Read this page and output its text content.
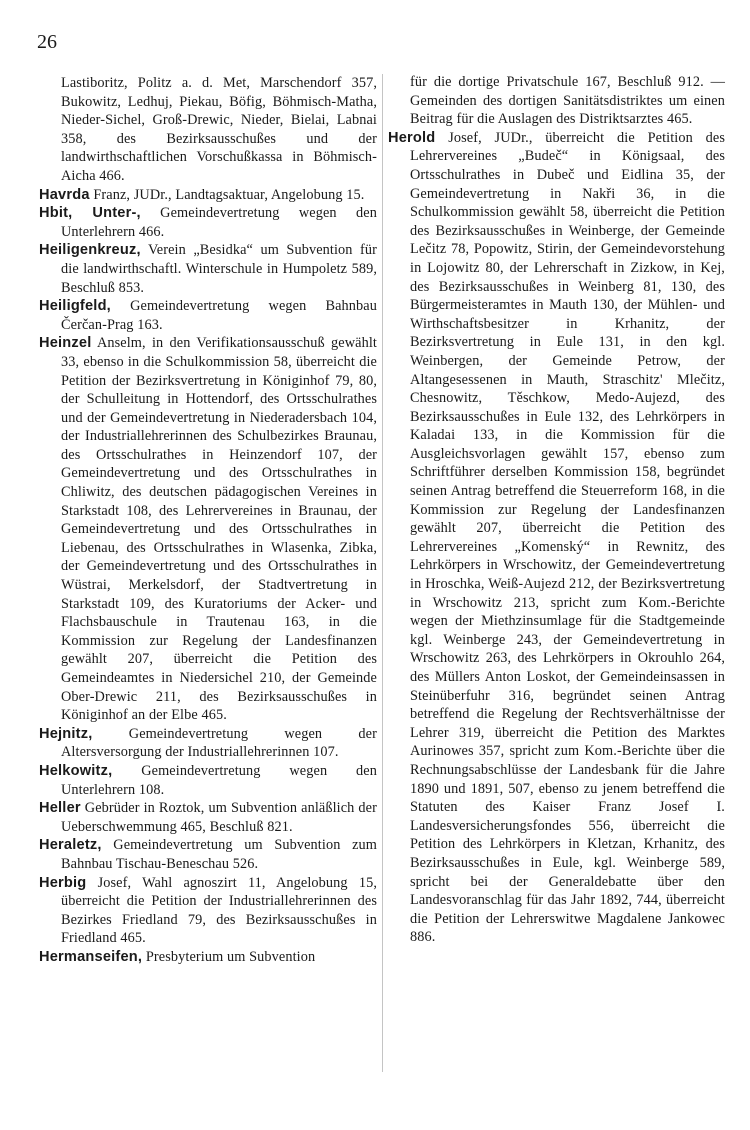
26

Lastiboritz, Politz a. d. Met, Marschendorf 357, Bukowitz, Ledhuj, Piekau, Böfig, Böhmisch-Matha, Nieder-Sichel, Groß-Drewic, Nieder, Bielai, Labnai 358, des Bezirksausschußes und der landwirthschaftlichen Vorschußkassa in Böhmisch-Aicha 466.

Havrda Franz, JUDr., Landtagsaktuar, Angelobung 15.

Hbit, Unter-, Gemeindevertretung wegen den Unterlehrern 466.

Heiligenkreuz, Verein „Besidka“ um Subvention für die landwirthschaftl. Winterschule in Humpoletz 589, Beschluß 853.

Heiligfeld, Gemeindevertretung wegen Bahnbau Čerčan-Prag 163.

Heinzel Anselm, in den Verifikationsausschuß gewählt 33, ebenso in die Schulkommission 58, überreicht die Petition der Bezirksvertretung in Königinhof 79, 80, der Schulleitung in Hottendorf, des Ortsschulrathes und der Gemeindevertretung in Niederadersbach 104, der Industriallehrerinnen des Schulbezirkes Braunau, des Ortsschulrathes in Heinzendorf 107, der Gemeindevertretung und des Ortsschulrathes in Chliwitz, des deutschen pädagogischen Vereines in Starkstadt 108, des Lehrervereines in Braunau, der Gemeindevertretung und des Ortsschulrathes in Liebenau, des Ortsschulrathes in Wlasenka, Zibka, der Gemeindevertretung und des Ortsschulrathes in Wüstrai, Merkelsdorf, der Stadtvertretung in Starkstadt 109, des Kuratoriums der Acker- und Flachsbauschule in Trautenau 163, in die Kommission zur Regelung der Landesfinanzen gewählt 207, überreicht die Petition des Gemeindeamtes in Niedersichel 210, der Gemeinde Ober-Drewic 211, des Bezirksausschußes in Königinhof an der Elbe 465.

Hejnitz, Gemeindevertretung wegen der Altersversorgung der Industriallehrerinnen 107.

Helkowitz, Gemeindevertretung wegen den Unterlehrern 108.

Heller Gebrüder in Roztok, um Subvention anläßlich der Ueberschwemmung 465, Beschluß 821.

Heraletz, Gemeindevertretung um Subvention zum Bahnbau Tischau-Beneschau 526.

Herbig Josef, Wahl agnoszirt 11, Angelobung 15, überreicht die Petition der Industriallehrerinnen des Bezirkes Friedland 79, des Bezirksausschußes in Friedland 465.

Hermanseifen, Presbyterium um Subvention

für die dortige Privatschule 167, Beschluß 912. — Gemeinden des dortigen Sanitätsdistriktes um einen Beitrag für die Auslagen des Distriktsarztes 465.

Herold Josef, JUDr., überreicht die Petition des Lehrervereines „Budeč“ in Königsaal, des Ortsschulrathes in Dubeč und Eidlina 35, der Gemeindevertretung in Nakři 36, in die Schulkommission gewählt 58, überreicht die Petition des Bezirksausschußes in Weinberge, der Gemeinde Lečitz 78, Popowitz, Stirin, der Gemeindevorstehung in Lojowitz 80, der Lehrerschaft in Zizkow, in Kej, des Bezirksausschußes in Weinberg 81, 130, des Bürgermeisteramtes in Mauth 130, der Mühlen- und Wirthschaftsbesitzer in Krhanitz, der Bezirksvertretung in Eule 131, in den kgl. Weinbergen, der Gemeinde Petrow, der Altangesessenen in Mauth, Straschitz' Mlečitz, Chesnowitz, Těschkow, Medo-Aujezd, des Bezirksausschußes in Eule 132, des Lehrkörpers in Kaladai 133, in die Kommission für die Ausgleichsvorlagen gewählt 157, ebenso zum Schriftführer derselben Kommission 158, begründet seinen Antrag betreffend die Steuerreform 168, in die Kommission zur Regelung der Landesfinanzen gewählt 207, überreicht die Petition des Lehrervereines „Komenský“ in Rewnitz, des Lehrkörpers in Wrschowitz, der Gemeindevertretung in Hroschka, Weiß-Aujezd 212, der Bezirksvertretung in Wrschowitz 213, spricht zum Kom.-Berichte wegen der Miethzinsumlage für die Stadtgemeinde kgl. Weinberge 243, der Gemeindevertretung in Wrschowitz 263, des Lehrkörpers in Okrouhlo 264, des Müllers Anton Loskot, der Gemeindeinsassen in Steinüberfuhr 316, begründet seinen Antrag betreffend die Regelung der Rechtsverhältnisse der Lehrer 319, überreicht die Petition des Marktes Aurinowes 357, spricht zum Kom.-Berichte über die Rechnungsabschlüsse der Landesbank für die Jahre 1890 und 1891, 507, ebenso zu jenem betreffend die Statuten des Kaiser Franz Josef I. Landesversicherungsfondes 556, überreicht die Petition des Lehrkörpers in Kletzan, Krhanitz, des Bezirksausschußes in Eule, kgl. Weinberge 589, spricht bei der Generaldebatte über den Landesvoranschlag für das Jahr 1892, 744, überreicht die Petition der Lehrerswitwe Magdalene Jankowec 886.
